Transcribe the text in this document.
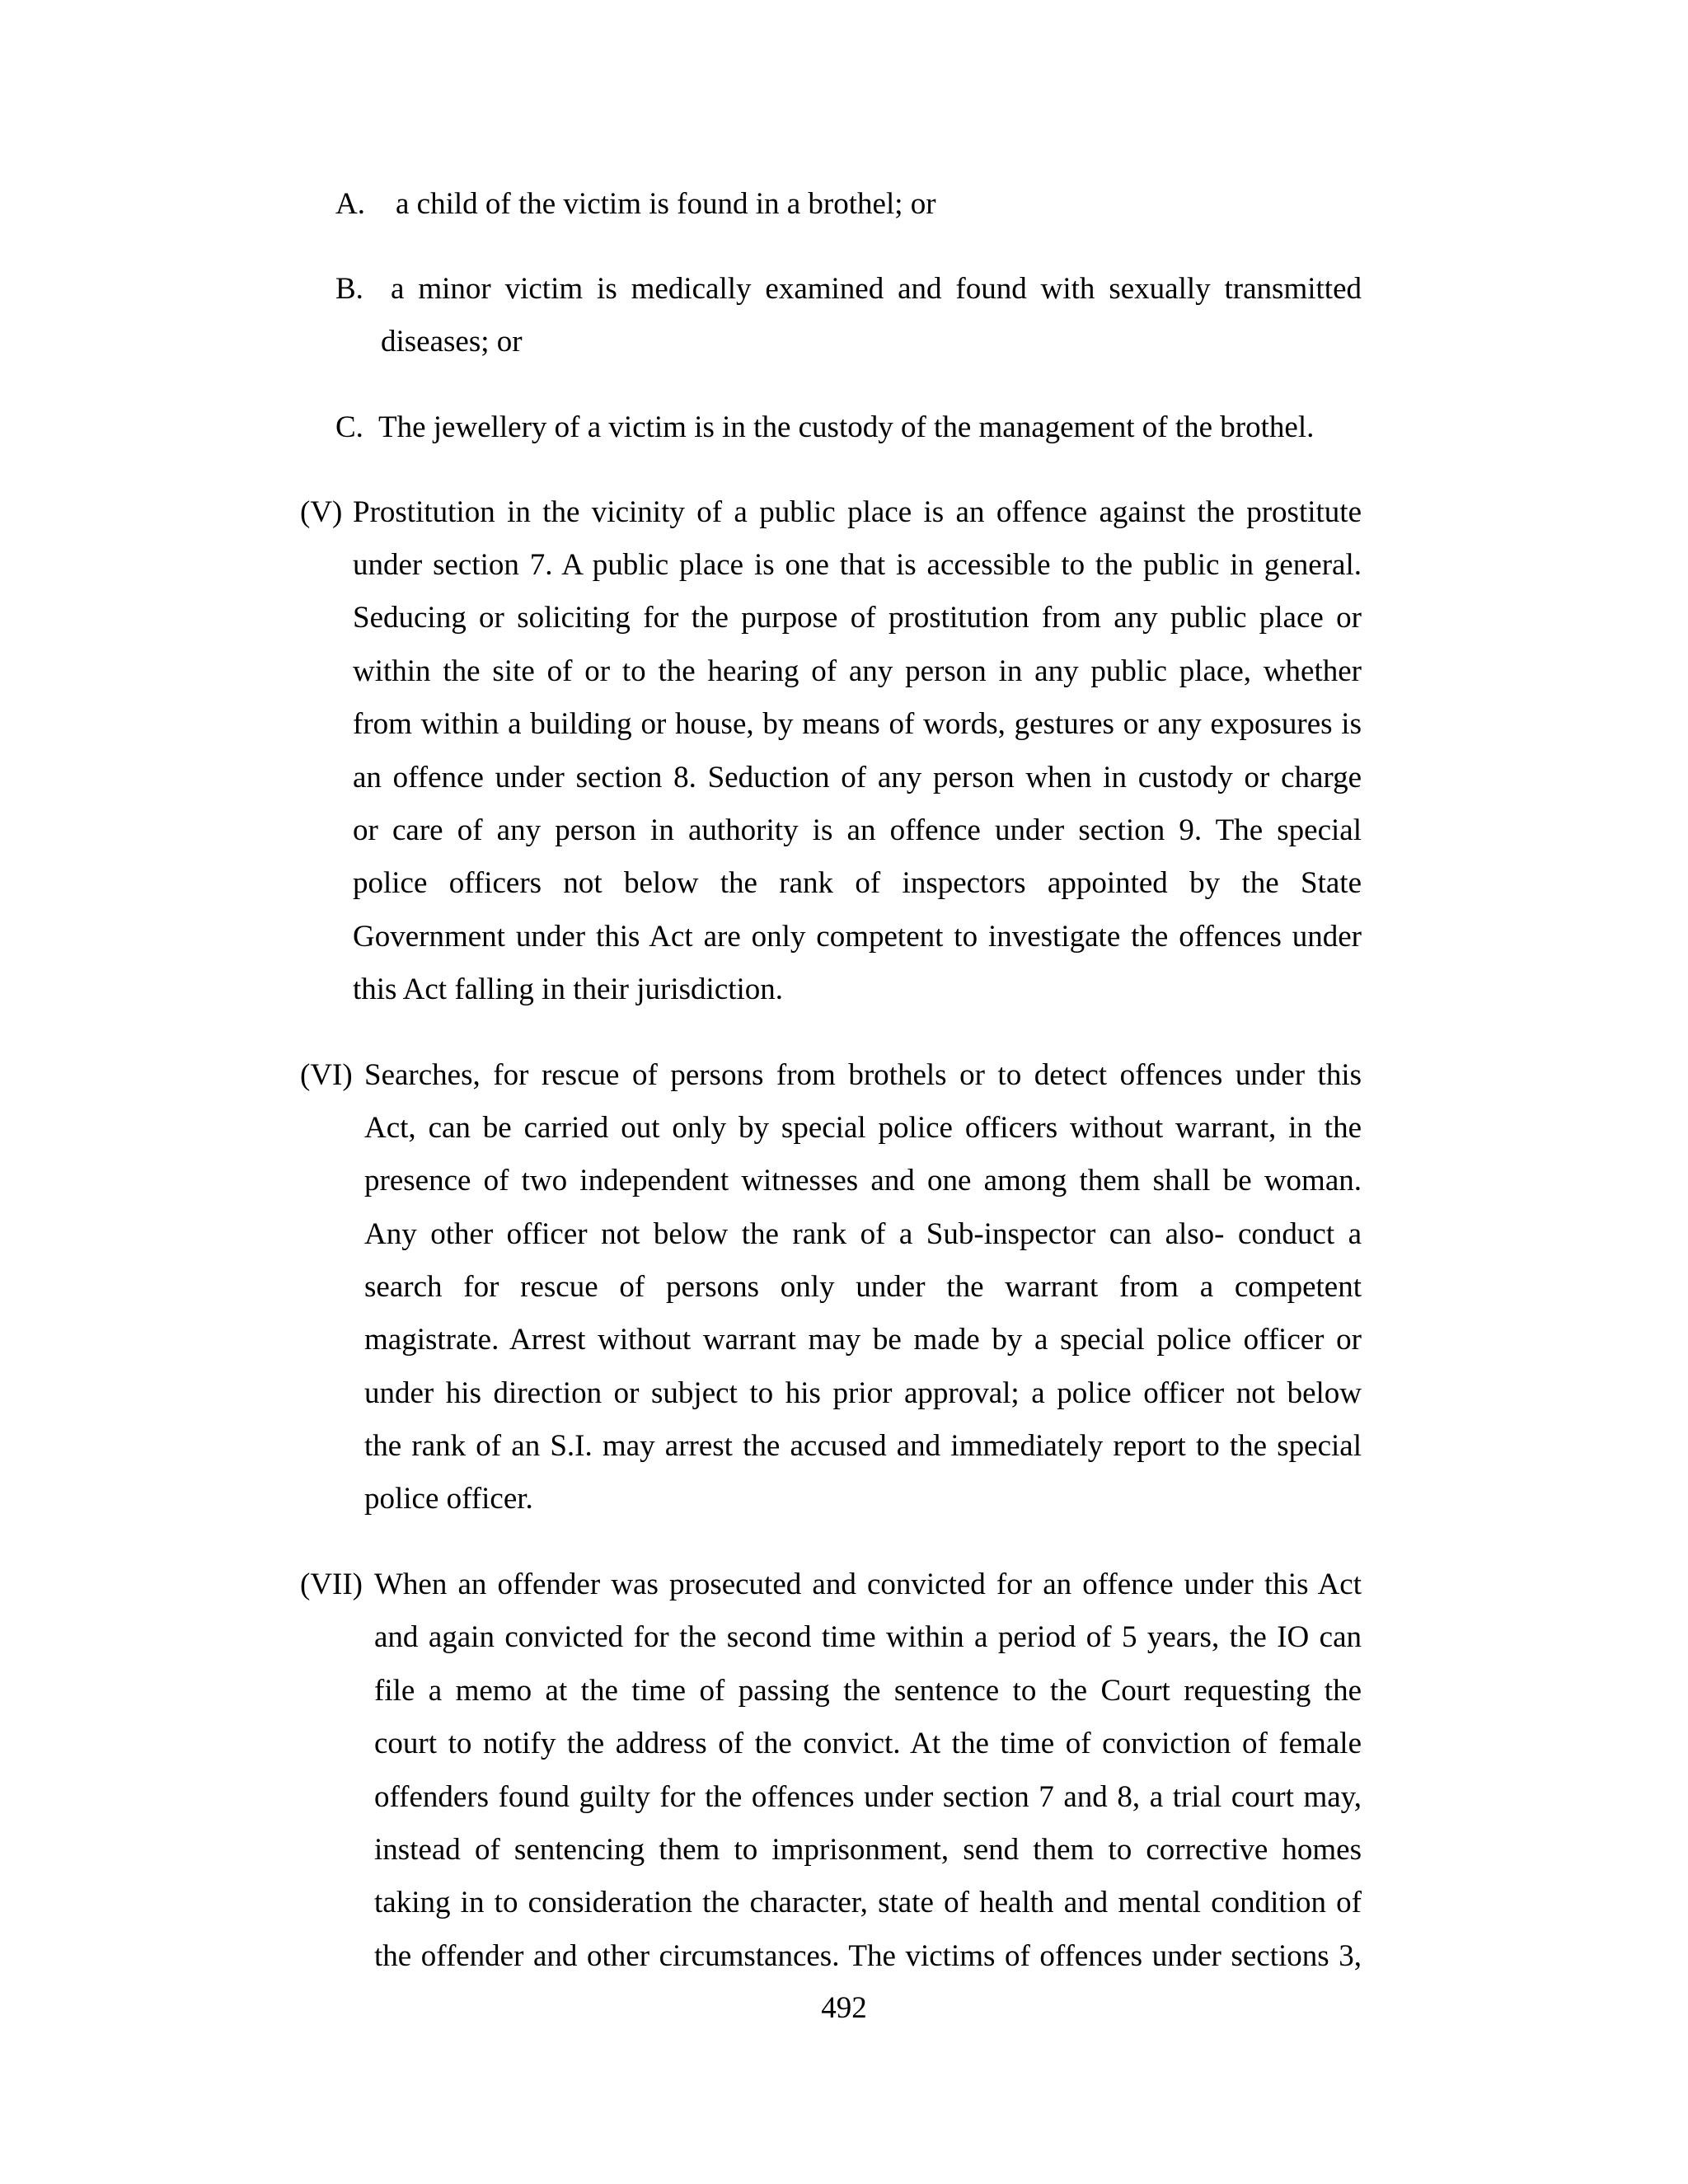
A. a child of the victim is found in a brothel; or
B. a minor victim is medically examined and found with sexually transmitted
diseases; or
C. The jewellery of a victim is in the custody of the management of the brothel.
(V) Prostitution in the vicinity of a public place is an offence against the prostitute
under section 7. A public place is one that is accessible to the public in general.
Seducing or soliciting for the purpose of prostitution from any public place or
within the site of or to the hearing of any person in any public place, whether
from within a building or house, by means of words, gestures or any exposures is
an offence under section 8. Seduction of any person when in custody or charge
or care of any person in authority is an offence under section 9. The special
police officers not below the rank of inspectors appointed by the State
Government under this Act are only competent to investigate the offences under
this Act falling in their jurisdiction.
(VI) Searches, for rescue of persons from brothels or to detect offences under this
Act, can be carried out only by special police officers without warrant, in the
presence of two independent witnesses and one among them shall be woman.
Any other officer not below the rank of a Sub-inspector can also- conduct a
search for rescue of persons only under the warrant from a competent
magistrate. Arrest without warrant may be made by a special police officer or
under his direction or subject to his prior approval; a police officer not below
the rank of an S.I. may arrest the accused and immediately report to the special
police officer.
(VII) When an offender was prosecuted and convicted for an offence under this Act
and again convicted for the second time within a period of 5 years, the IO can
file a memo at the time of passing the sentence to the Court requesting the
court to notify the address of the convict. At the time of conviction of female
offenders found guilty for the offences under section 7 and 8, a trial court may,
instead of sentencing them to imprisonment, send them to corrective homes
taking in to consideration the character, state of health and mental condition of
the offender and other circumstances. The victims of offences under sections 3,
492
